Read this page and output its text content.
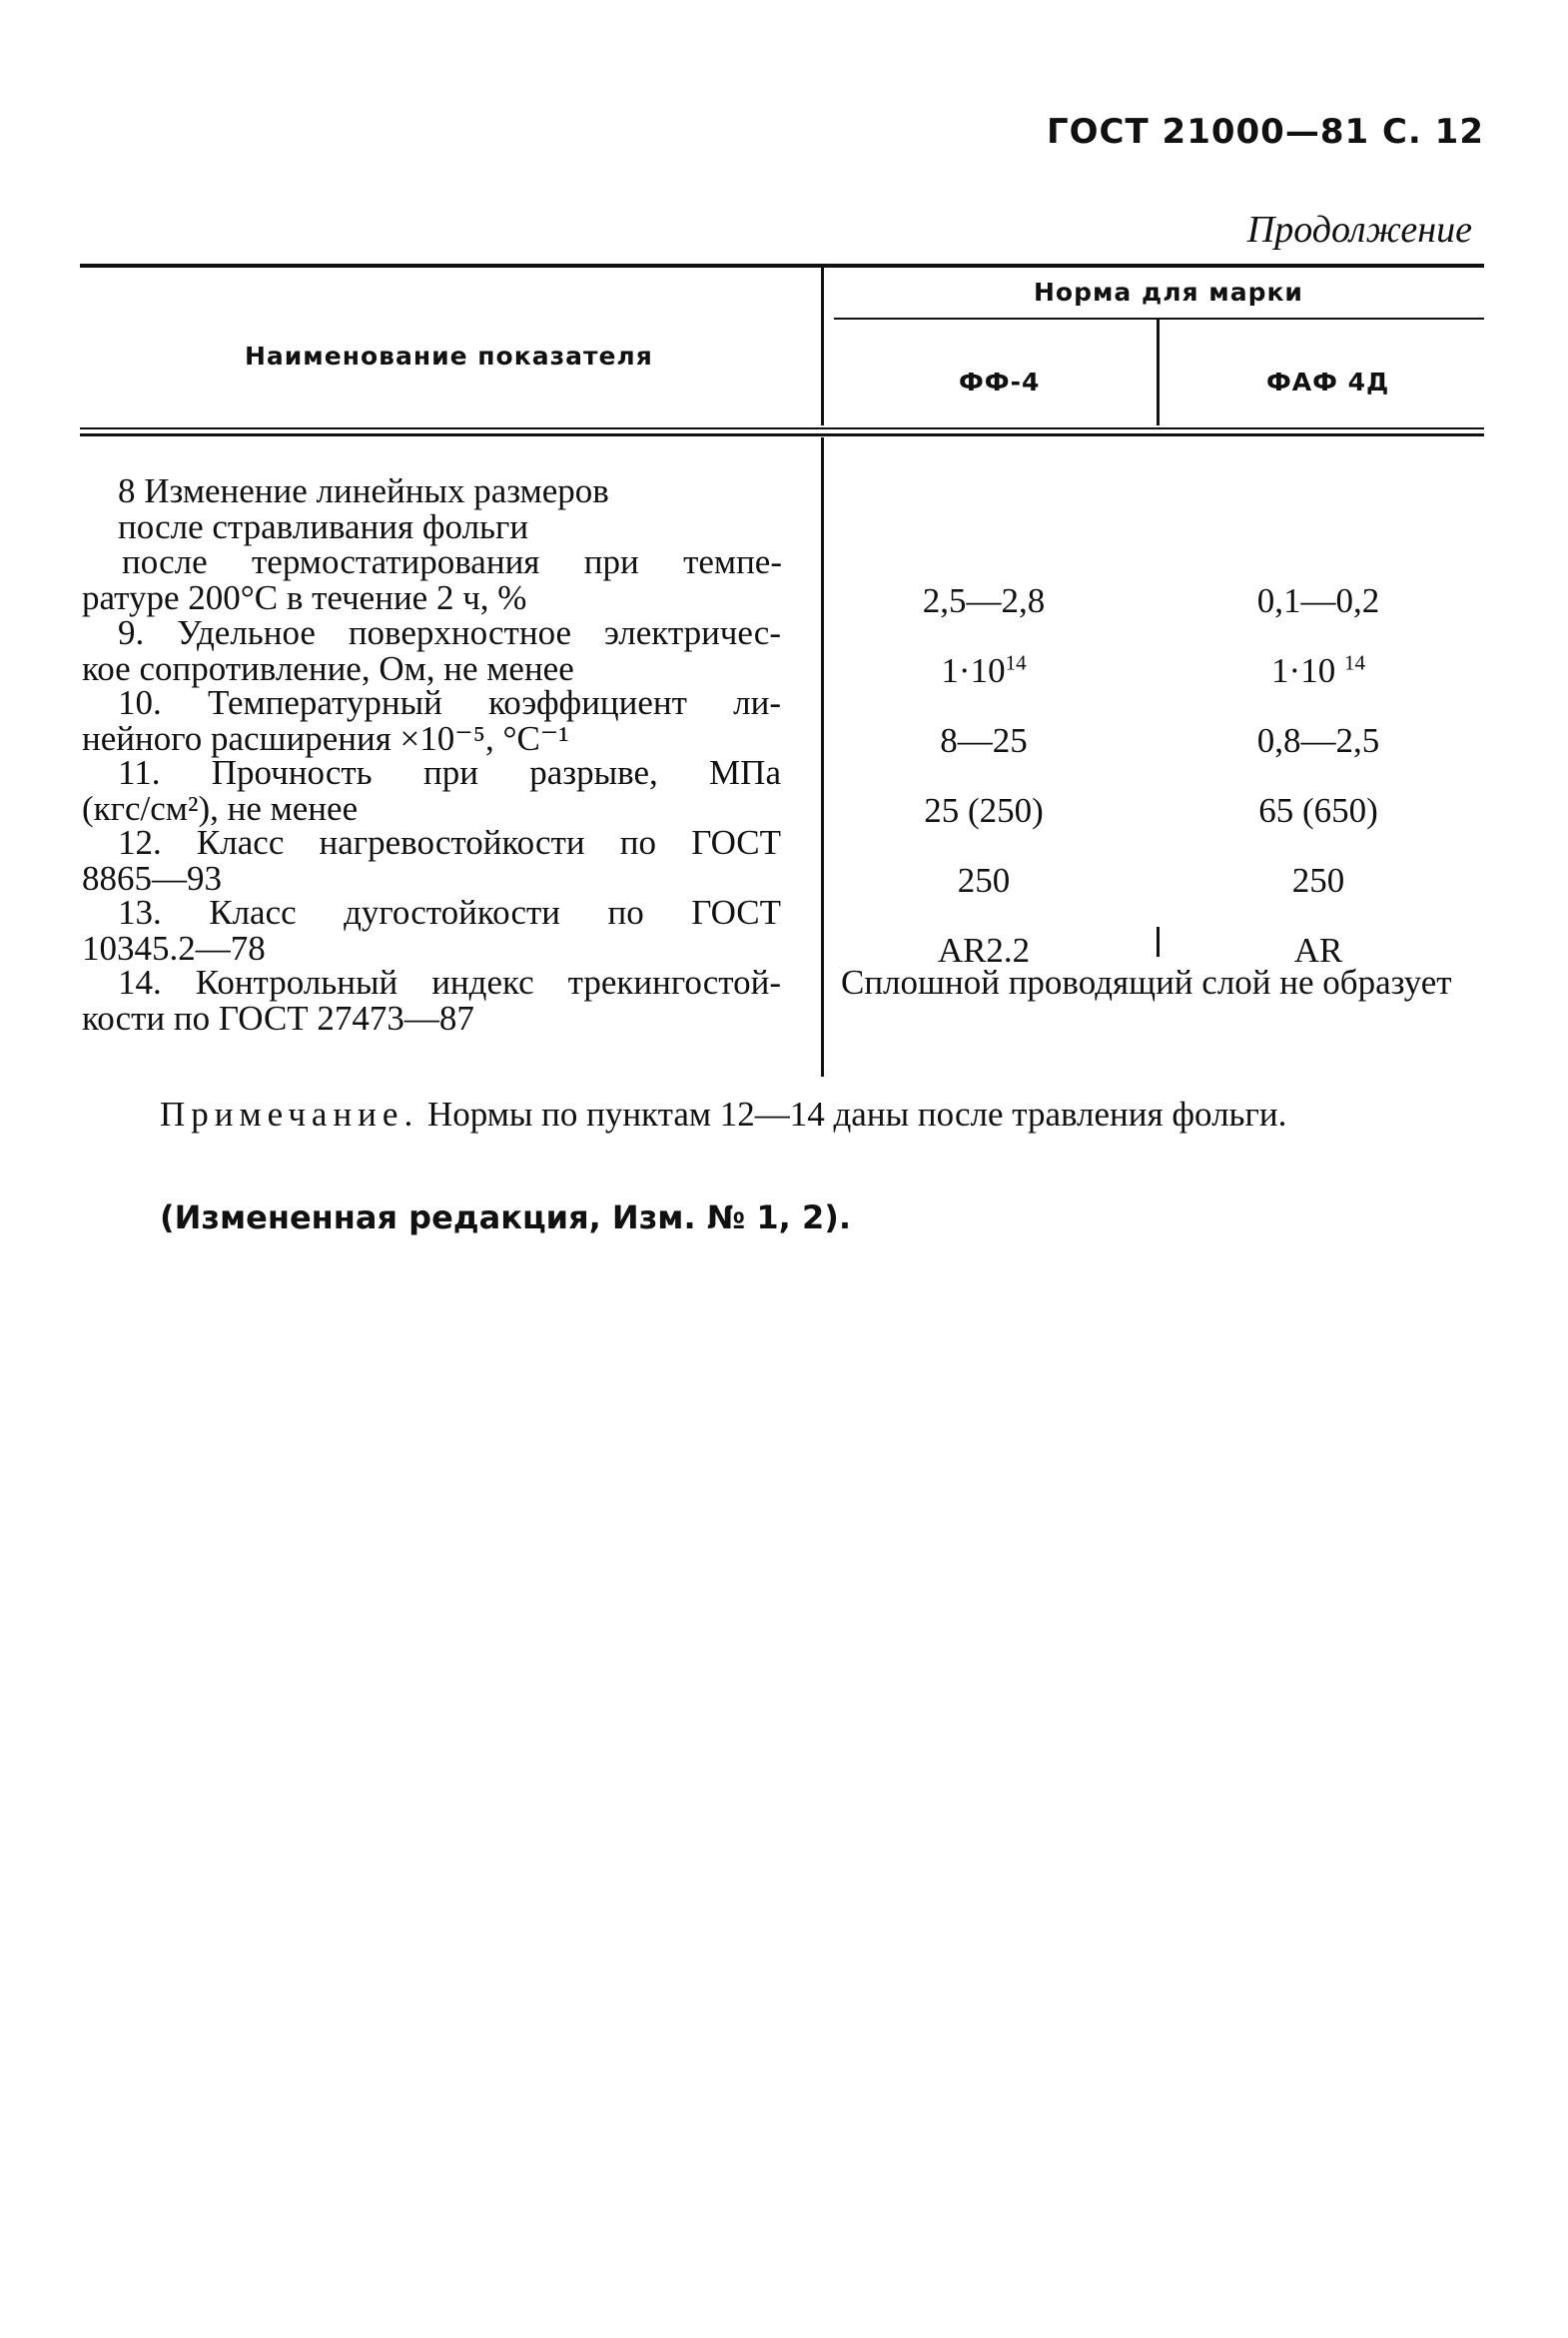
ГОСТ 21000—81 С. 12
Продолжение
Наименование показателя
Норма для марки
ФФ-4	ФАФ 4Д

8 Изменение линейных размеров

после стравливания фольги

после термостатирования при темпе-

ратуре 200°С в течение 2 ч, %	2,5—2,8	0,1—0,2

9. Удельное поверхностное электричес-

кое сопротивление, Ом, не менее	$1\cdot 10^{14}$	1·10 $^{14}$

10. Температурный коэффициент ли-

нейного расширения ×10⁻⁵, °С⁻¹	8—25	0,8—2,5

11. Прочность при разрыве, МПа

(кгс/см²), не менее	25 (250)	65 (650)

12. Класс нагревостойкости по ГОСТ

8865—93	250	250

13. Класс дугостойкости по ГОСТ

10345.2—78	AR2.2	AR

14. Контрольный индекс трекингостой-

кости по ГОСТ 27473—87

Сплошной проводящий слой не образует
Примечание. Нормы по пунктам 12—14 даны после травления фольги.
(Измененная редакция, Изм. № 1, 2).
